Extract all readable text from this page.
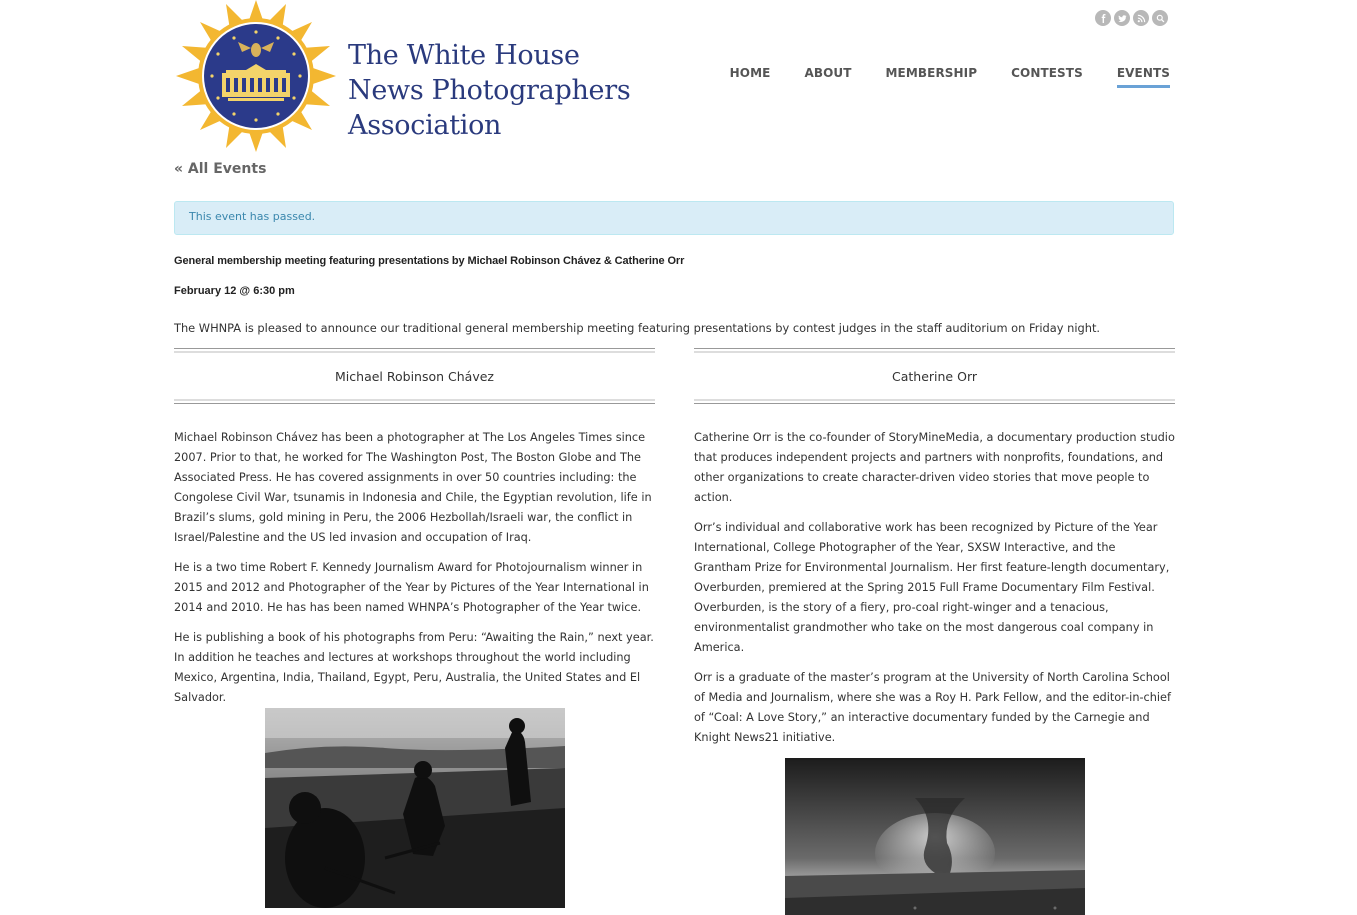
The White House
News Photographers
Association
HOME	ABOUT	MEMBERSHIP	CONTESTS	EVENTS
« All Events
This event has passed.
General membership meeting featuring presentations by Michael Robinson Chávez & Catherine Orr
February 12 @ 6:30 pm
The WHNPA is pleased to announce our traditional general membership meeting featuring presentations by contest judges in the staff auditorium on Friday night.
Michael Robinson Chávez

Michael Robinson Chávez has been a photographer at The Los Angeles Times since 2007. Prior to that, he worked for The Washington Post, The Boston Globe and The Associated Press. He has covered assignments in over 50 countries including: the Congolese Civil War, tsunamis in Indonesia and Chile, the Egyptian revolution, life in Brazil’s slums, gold mining in Peru, the 2006 Hezbollah/Israeli war, the conflict in Israel/Palestine and the US led invasion and occupation of Iraq.

He is a two time Robert F. Kennedy Journalism Award for Photojournalism winner in 2015 and 2012 and Photographer of the Year by Pictures of the Year International in 2014 and 2010. He has has been named WHNPA’s Photographer of the Year twice.

He is publishing a book of his photographs from Peru: “Awaiting the Rain,” next year. In addition he teaches and lectures at workshops throughout the world including Mexico, Argentina, India, Thailand, Egypt, Peru, Australia, the United States and El Salvador.

Catherine Orr

Catherine Orr is the co-founder of StoryMineMedia, a documentary production studio that produces independent projects and partners with nonprofits, foundations, and other organizations to create character-driven video stories that move people to action.

Orr’s individual and collaborative work has been recognized by Picture of the Year International, College Photographer of the Year, SXSW Interactive, and the Grantham Prize for Environmental Journalism. Her first feature-length documentary, Overburden, premiered at the Spring 2015 Full Frame Documentary Film Festival. Overburden, is the story of a fiery, pro-coal right-winger and a tenacious, environmentalist grandmother who take on the most dangerous coal company in America.

Orr is a graduate of the master’s program at the University of North Carolina School of Media and Journalism, where she was a Roy H. Park Fellow, and the editor-in-chief of “Coal: A Love Story,” an interactive documentary funded by the Carnegie and Knight News21 initiative.
